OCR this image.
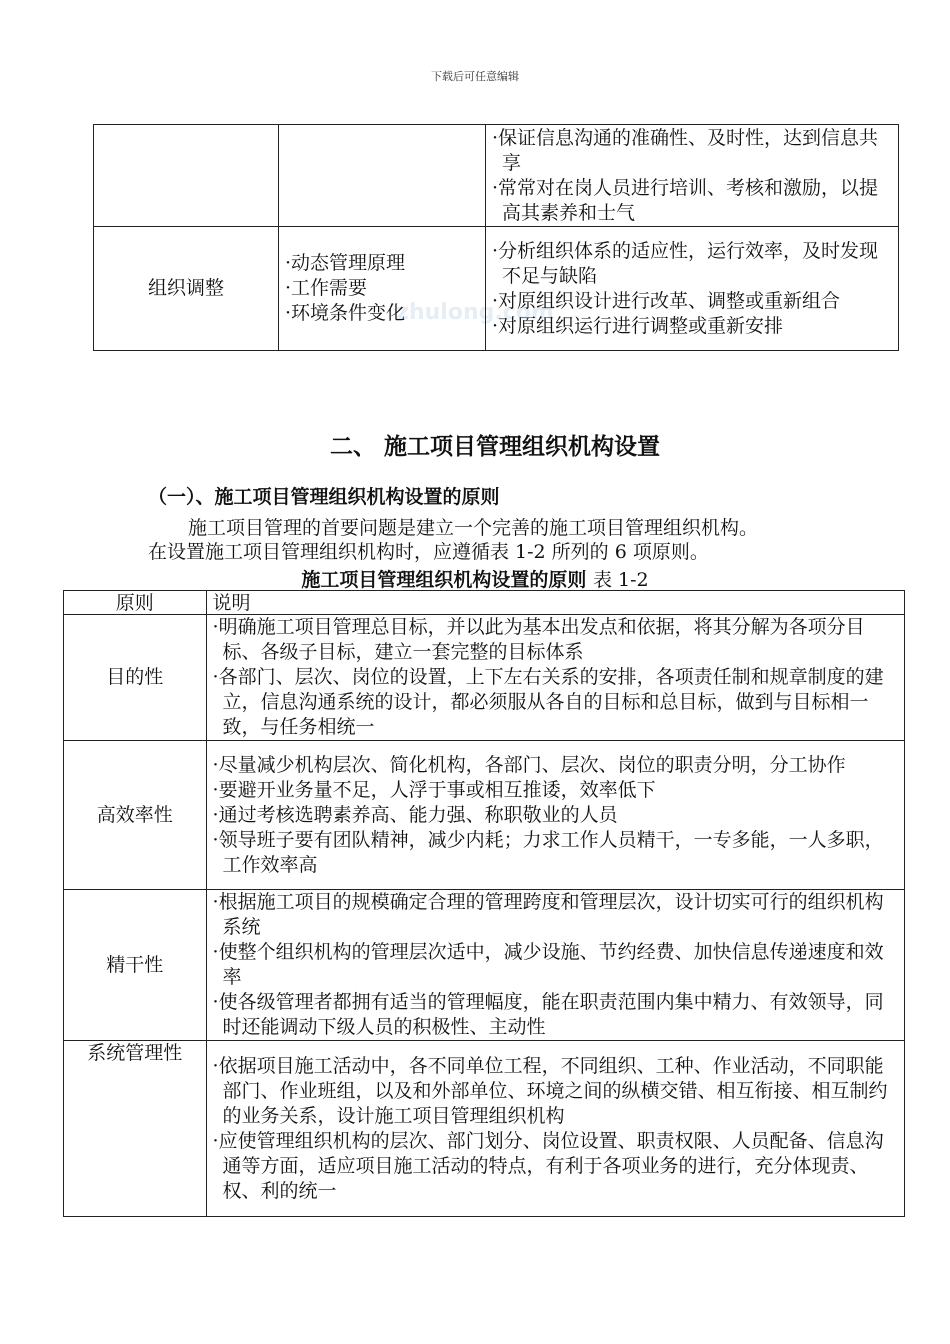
下载后可任意编辑
zhulong.com

		·保证信息沟通的准确性、及时性，达到信息共享
·常常对在岗人员进行培训、考核和激励，以提高其素养和士气

组织调整	·动态管理原理
·工作需要
·环境条件变化	·分析组织体系的适应性，运行效率，及时发现不足与缺陷
·对原组织设计进行改革、调整或重新组合
·对原组织运行进行调整或重新安排
二、 施工项目管理组织机构设置
（一）、施工项目管理组织机构设置的原则
施工项目管理的首要问题是建立一个完善的施工项目管理组织机构。
在设置施工项目管理组织机构时，应遵循表 1-2 所列的 6 项原则。
施工项目管理组织机构设置的原则 表 1-2
原则	说明
目的性	·明确施工项目管理总目标，并以此为基本出发点和依据，将其分解为各项分目标、各级子目标，建立一套完整的目标体系
·各部门、层次、岗位的设置，上下左右关系的安排，各项责任制和规章制度的建立，信息沟通系统的设计，都必须服从各自的目标和总目标，做到与目标相一致，与任务相统一

高效率性	·尽量减少机构层次、简化机构，各部门、层次、岗位的职责分明，分工协作
·要避开业务量不足，人浮于事或相互推诿，效率低下
·通过考核选聘素养高、能力强、称职敬业的人员
·领导班子要有团队精神，减少内耗；力求工作人员精干，一专多能，一人多职，工作效率高

精干性	·根据施工项目的规模确定合理的管理跨度和管理层次，设计切实可行的组织机构系统
·使整个组织机构的管理层次适中，减少设施、节约经费、加快信息传递速度和效率
·使各级管理者都拥有适当的管理幅度，能在职责范围内集中精力、有效领导，同时还能调动下级人员的积极性、主动性

系统管理性	·依据项目施工活动中，各不同单位工程，不同组织、工种、作业活动，不同职能部门、作业班组，以及和外部单位、环境之间的纵横交错、相互衔接、相互制约的业务关系，设计施工项目管理组织机构
·应使管理组织机构的层次、部门划分、岗位设置、职责权限、人员配备、信息沟通等方面，适应项目施工活动的特点，有利于各项业务的进行，充分体现责、权、利的统一
